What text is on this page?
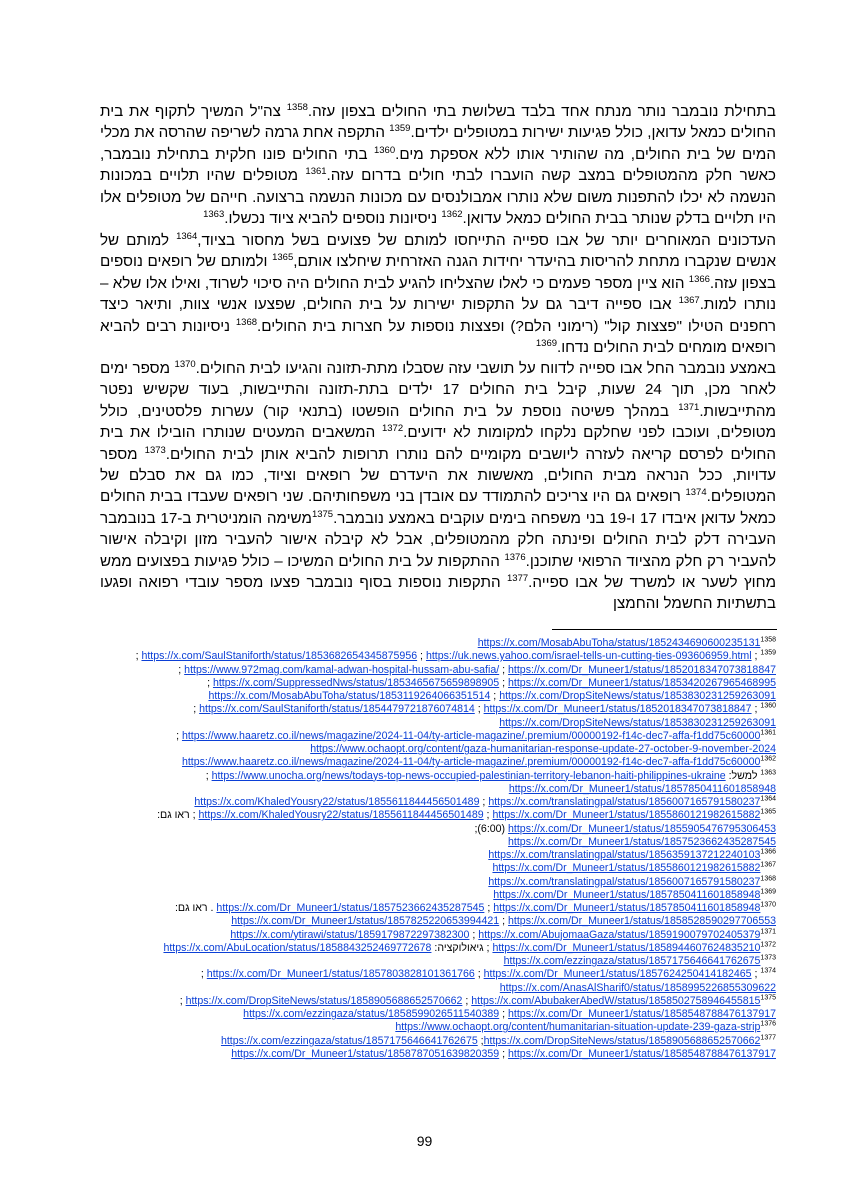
בתחילת נובמבר נותר מנתח אחד בלבד בשלושת בתי החולים בצפון עזה.$^{1358}$ צה"ל המשיך לתקוף את בית החולים כמאל עדואן, כולל פגיעות ישירות במטופלים ילדים.$^{1359}$ התקפה אחת גרמה לשריפה שהרסה את מכלי המים של בית החולים, מה שהותיר אותו ללא אספקת מים.$^{1360}$ בתי החולים פונו חלקית בתחילת נובמבר, כאשר חלק מהמטופלים במצב קשה הועברו לבתי חולים בדרום עזה.$^{1361}$ מטופלים שהיו תלויים במכונות הנשמה לא יכלו להתפנות משום שלא נותרו אמבולנסים עם מכונות הנשמה ברצועה. חייהם של מטופלים אלו היו תלויים בדלק שנותר בבית החולים כמאל עדואן.$^{1362}$ ניסיונות נוספים להביא ציוד נכשלו.$^{1363}$

העדכונים המאוחרים יותר של אבו ספייה התייחסו למותם של פצועים בשל מחסור בציוד,$^{1364}$ למותם של אנשים שנקברו מתחת להריסות בהיעדר יחידות הגנה האזרחית שיחלצו אותם,$^{1365}$ ולמותם של רופאים נוספים בצפון עזה.$^{1366}$ הוא ציין מספר פעמים כי לאלו שהצליחו להגיע לבית החולים היה סיכוי לשרוד, ואילו אלו שלא – נותרו למות.$^{1367}$ אבו ספייה דיבר גם על התקפות ישירות על בית החולים, שפצעו אנשי צוות, ותיאר כיצד רחפנים הטילו "פצצות קול" (רימוני הלם?) ופצצות נוספות על חצרות בית החולים.$^{1368}$ ניסיונות רבים להביא רופאים מומחים לבית החולים נדחו.$^{1369}$

באמצע נובמבר החל אבו ספייה לדווח על תושבי עזה שסבלו מתת-תזונה והגיעו לבית החולים.$^{1370}$ מספר ימים לאחר מכן, תוך 24 שעות, קיבל בית החולים 17 ילדים בתת-תזונה והתייבשות, בעוד שקשיש נפטר מהתייבשות.$^{1371}$ במהלך פשיטה נוספת על בית החולים הופשטו (בתנאי קור) עשרות פלסטינים, כולל מטופלים, ועוכבו לפני שחלקם נלקחו למקומות לא ידועים.$^{1372}$ המשאבים המעטים שנותרו הובילו את בית החולים לפרסם קריאה לעזרה ליושבים מקומיים להם נותרו תרופות להביא אותן לבית החולים.$^{1373}$ מספר עדויות, ככל הנראה מבית החולים, מאששות את היעדרם של רופאים וציוד, כמו גם את סבלם של המטופלים.$^{1374}$ רופאים גם היו צריכים להתמודד עם אובדן בני משפחותיהם. שני רופאים שעבדו בבית החולים כמאל עדואן איבדו 17 ו-19 בני משפחה בימים עוקבים באמצע נובמבר.$^{1375}$משימה הומניטרית ב-17 בנובמבר העבירה דלק לבית החולים ופינתה חלק מהמטופלים, אבל לא קיבלה אישור להעביר מזון וקיבלה אישור להעביר רק חלק מהציוד הרפואי שתוכנן.$^{1376}$ ההתקפות על בית החולים המשיכו – כולל פגיעות בפצועים ממש מחוץ לשער או למשרד של אבו ספייה.$^{1377}$ התקפות נוספות בסוף נובמבר פצעו מספר עובדי רפואה ופגעו בתשתיות החשמל והחמצן

$^{1358}$https://x.com/MosabAbuToha/status/1852434690600235131

$^{1359}$ ; https://uk.news.yahoo.com/israel-tells-un-cutting-ties-093606959.html ; https://x.com/SaulStaniforth/status/1853682654345875956 ; https://x.com/Dr_Muneer1/status/1852018347073818847 ; https://www.972mag.com/kamal-adwan-hospital-hussam-abu-safia/ ; https://x.com/Dr_Muneer1/status/1853420267965468995 ; https://x.com/SuppressedNws/status/1853465675659898905 ; https://x.com/DropSiteNews/status/1853830231259263091 ; https://x.com/MosabAbuToha/status/1853119264066351514

$^{1360}$ ; https://x.com/Dr_Muneer1/status/1852018347073818847 ; https://x.com/SaulStaniforth/status/1854479721876074814 ; https://x.com/DropSiteNews/status/1853830231259263091

$^{1361}$https://www.haaretz.co.il/news/magazine/2024-11-04/ty-article-magazine/.premium/00000192-f14c-dec7-affa-f1dd75c60000 ; https://www.ochaopt.org/content/gaza-humanitarian-response-update-27-october-9-november-2024

$^{1362}$https://www.haaretz.co.il/news/magazine/2024-11-04/ty-article-magazine/.premium/00000192-f14c-dec7-affa-f1dd75c60000

$^{1363}$ למשל: https://www.unocha.org/news/todays-top-news-occupied-palestinian-territory-lebanon-haiti-philippines-ukraine ; https://x.com/Dr_Muneer1/status/1857850411601858948

$^{1364}$https://x.com/translatingpal/status/1856007165791580237 ; https://x.com/KhaledYousry22/status/1855611844456501489

$^{1365}$https://x.com/Dr_Muneer1/status/1855860121982615882 ; https://x.com/KhaledYousry22/status/1855611844456501489 ; ראו גם: https://x.com/Dr_Muneer1/status/1855905476795306453 (6:00);

https://x.com/Dr_Muneer1/status/1857523662435287545

$^{1366}$https://x.com/translatingpal/status/1856359137212240103

$^{1367}$https://x.com/Dr_Muneer1/status/1855860121982615882

$^{1368}$https://x.com/translatingpal/status/1856007165791580237

$^{1369}$https://x.com/Dr_Muneer1/status/1857850411601858948

$^{1370}$https://x.com/Dr_Muneer1/status/1857850411601858948 ; https://x.com/Dr_Muneer1/status/1857523662435287545 . ראו גם: https://x.com/Dr_Muneer1/status/1858528590297706553 ; https://x.com/Dr_Muneer1/status/1857825220653994421

$^{1371}$https://x.com/AbujomaaGaza/status/1859190079702405379 ; https://x.com/ytirawi/status/1859179872297382300

$^{1372}$https://x.com/Dr_Muneer1/status/1858944607624835210 ; גיאולוקציה: https://x.com/AbuLocation/status/1858843252469772678

$^{1373}$https://x.com/ezzingaza/status/1857175646641762675

$^{1374}$ ; https://x.com/Dr_Muneer1/status/1857624250414182465 ; https://x.com/Dr_Muneer1/status/1857803828101361766 ; https://x.com/AnasAlSharif0/status/1858995226855309622

$^{1375}$https://x.com/AbubakerAbedW/status/1858502758946455815 ; https://x.com/DropSiteNews/status/1858905688652570662 ; https://x.com/Dr_Muneer1/status/1858548788476137917 ; https://x.com/ezzingaza/status/1858599026511540389

$^{1376}$https://www.ochaopt.org/content/humanitarian-situation-update-239-gaza-strip

$^{1377}$https://x.com/DropSiteNews/status/1858905688652570662; https://x.com/ezzingaza/status/1857175646641762675

https://x.com/Dr_Muneer1/status/1858548788476137917 ; https://x.com/Dr_Muneer1/status/1858787051639820359

99
